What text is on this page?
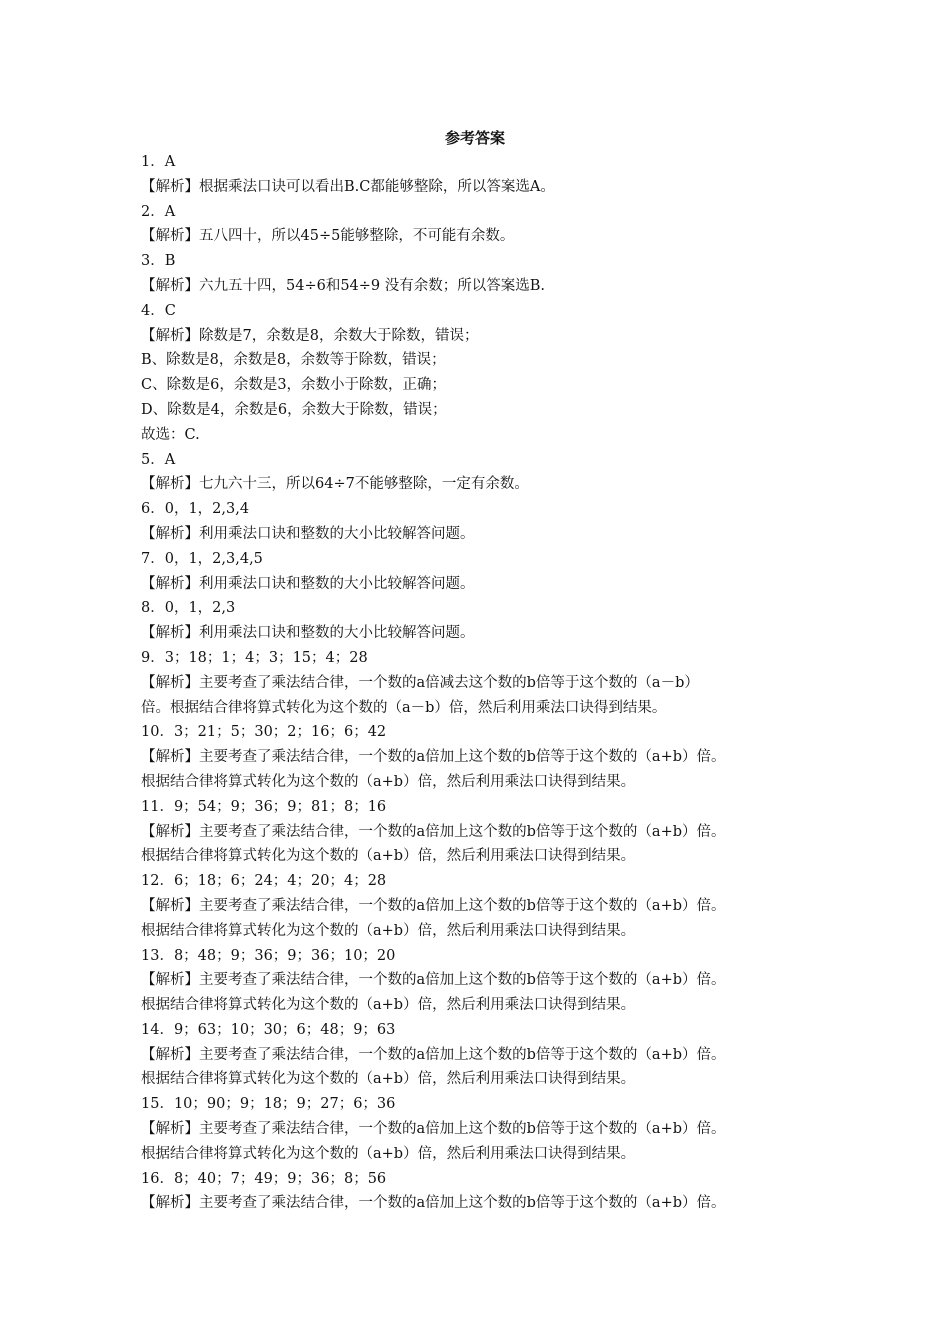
参考答案
1．A
【解析】根据乘法口诀可以看出B.C都能够整除，所以答案选A。
2．A
【解析】五八四十，所以45÷5能够整除，不可能有余数。
3．B
【解析】六九五十四，54÷6和54÷9 没有余数；所以答案选B.
4．C
【解析】除数是7，余数是8，余数大于除数，错误；
B、除数是8，余数是8，余数等于除数，错误；
C、除数是6，余数是3，余数小于除数，正确；
D、除数是4，余数是6，余数大于除数，错误；
故选：C.
5．A
【解析】七九六十三，所以64÷7不能够整除，一定有余数。
6．0，1，2,3,4
【解析】利用乘法口诀和整数的大小比较解答问题。
7．0，1，2,3,4,5
【解析】利用乘法口诀和整数的大小比较解答问题。
8．0，1，2,3
【解析】利用乘法口诀和整数的大小比较解答问题。
9．3；18；1；4；3；15；4；28
【解析】主要考查了乘法结合律，一个数的a倍减去这个数的b倍等于这个数的（a－b）
倍。根据结合律将算式转化为这个数的（a－b）倍，然后利用乘法口诀得到结果。
10．3；21；5；30；2；16；6；42
【解析】主要考查了乘法结合律，一个数的a倍加上这个数的b倍等于这个数的（a+b）倍。
根据结合律将算式转化为这个数的（a+b）倍，然后利用乘法口诀得到结果。
11．9；54；9；36；9；81；8；16
【解析】主要考查了乘法结合律，一个数的a倍加上这个数的b倍等于这个数的（a+b）倍。
根据结合律将算式转化为这个数的（a+b）倍，然后利用乘法口诀得到结果。
12．6；18；6；24；4；20；4；28
【解析】主要考查了乘法结合律，一个数的a倍加上这个数的b倍等于这个数的（a+b）倍。
根据结合律将算式转化为这个数的（a+b）倍，然后利用乘法口诀得到结果。
13．8；48；9；36；9；36；10；20
【解析】主要考查了乘法结合律，一个数的a倍加上这个数的b倍等于这个数的（a+b）倍。
根据结合律将算式转化为这个数的（a+b）倍，然后利用乘法口诀得到结果。
14．9；63；10；30；6；48；9；63
【解析】主要考查了乘法结合律，一个数的a倍加上这个数的b倍等于这个数的（a+b）倍。
根据结合律将算式转化为这个数的（a+b）倍，然后利用乘法口诀得到结果。
15．10；90；9；18；9；27；6；36
【解析】主要考查了乘法结合律，一个数的a倍加上这个数的b倍等于这个数的（a+b）倍。
根据结合律将算式转化为这个数的（a+b）倍，然后利用乘法口诀得到结果。
16．8；40；7；49；9；36；8；56
【解析】主要考查了乘法结合律，一个数的a倍加上这个数的b倍等于这个数的（a+b）倍。
